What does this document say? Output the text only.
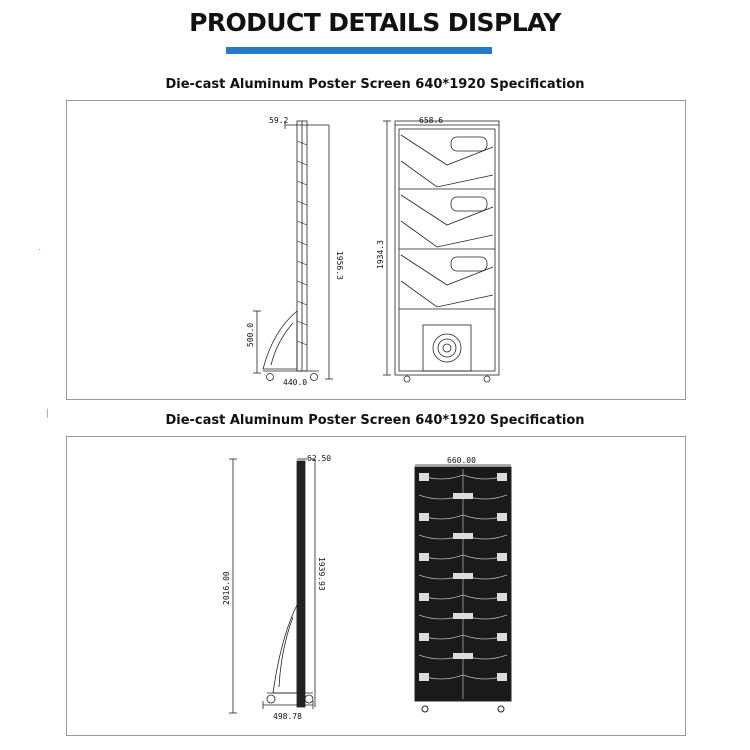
PRODUCT DETAILS DISPLAY
Die-cast Aluminum Poster Screen 640*1920 Specification
·
59.2
1956.3
500.0
440.0
658.6
1934.3
|	Die-cast Aluminum Poster Screen 640*1920 Specification
62.50
2016.00	1939.93
498.78
660.00
